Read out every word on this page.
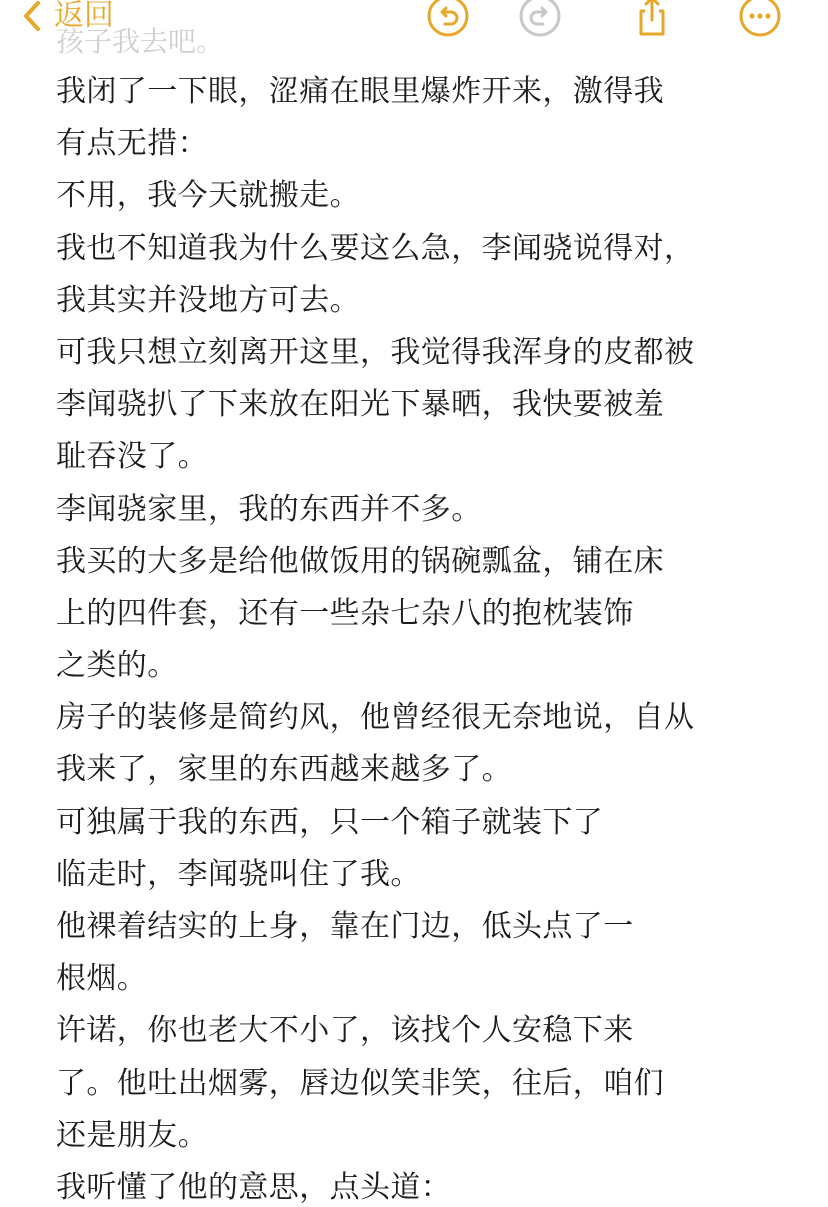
孩子我去吧。
返回
我闭了一下眼，涩痛在眼里爆炸开来，激得我
有点无措：
不用，我今天就搬走。
我也不知道我为什么要这么急，李闻骁说得对，
我其实并没地方可去。
可我只想立刻离开这里，我觉得我浑身的皮都被
李闻骁扒了下来放在阳光下暴晒，我快要被羞
耻吞没了。
李闻骁家里，我的东西并不多。
我买的大多是给他做饭用的锅碗瓢盆，铺在床
上的四件套，还有一些杂七杂八的抱枕装饰
之类的。
房子的装修是简约风，他曾经很无奈地说，自从
我来了，家里的东西越来越多了。
可独属于我的东西，只一个箱子就装下了
临走时，李闻骁叫住了我。
他裸着结实的上身，靠在门边，低头点了一
根烟。
许诺，你也老大不小了，该找个人安稳下来
了。他吐出烟雾，唇边似笑非笑，往后，咱们
还是朋友。
我听懂了他的意思，点头道：
